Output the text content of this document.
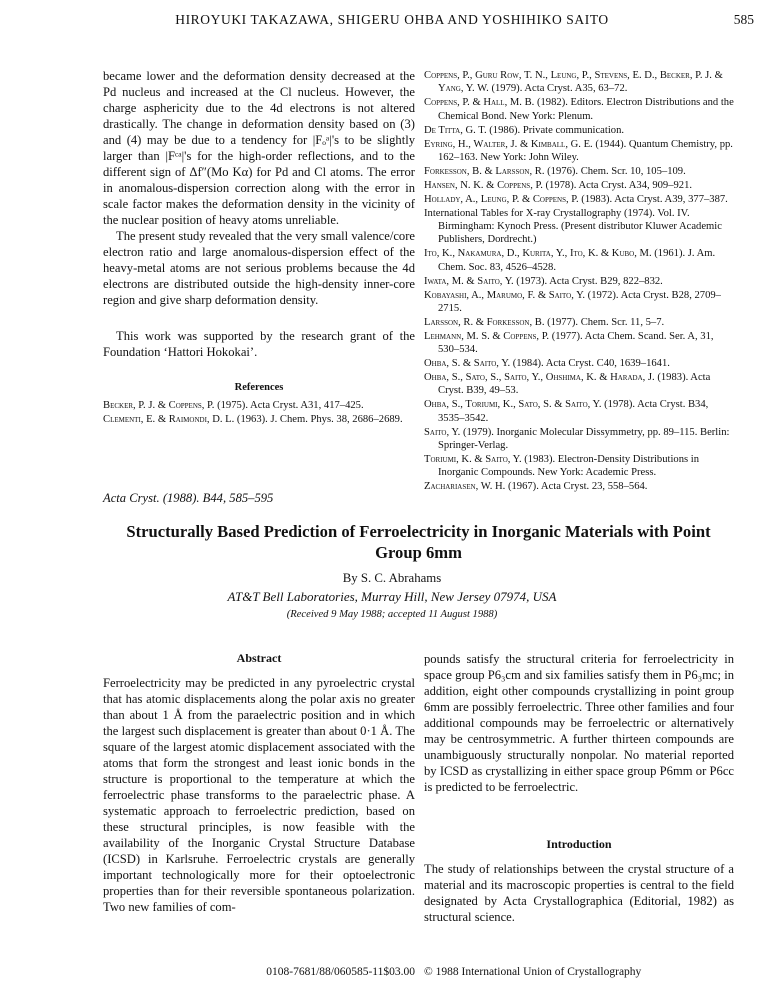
HIROYUKI TAKAZAWA, SHIGERU OHBA AND YOSHIHIKO SAITO	585

became lower and the deformation density decreased at the Pd nucleus and increased at the Cl nucleus. However, the charge asphericity due to the 4d electrons is not altered drastically. The change in deformation density based on (3) and (4) may be due to a tendency for |Fₒᵃ|'s to be slightly larger than |Fᶜᵃ|'s for the high-order reflections, and to the different sign of Δf″(Mo Kα) for Pd and Cl atoms. The error in anomalous-dispersion correction along with the error in scale factor makes the deformation density in the vicinity of the nuclear position of heavy atoms unreliable.

The present study revealed that the very small valence/core electron ratio and large anomalous-dispersion effect of the heavy-metal atoms are not serious problems because the 4d electrons are distributed outside the high-density inner-core region and give sharp deformation density.

This work was supported by the research grant of the Foundation ‘Hattori Hokokai’.

References

Becker, P. J. & Coppens, P. (1975). Acta Cryst. A31, 417–425.

Clementi, E. & Raimondi, D. L. (1963). J. Chem. Phys. 38, 2686–2689.

Coppens, P., Guru Row, T. N., Leung, P., Stevens, E. D., Becker, P. J. & Yang, Y. W. (1979). Acta Cryst. A35, 63–72.

Coppens, P. & Hall, M. B. (1982). Editors. Electron Distributions and the Chemical Bond. New York: Plenum.

De Titta, G. T. (1986). Private communication.

Eyring, H., Walter, J. & Kimball, G. E. (1944). Quantum Chemistry, pp. 162–163. New York: John Wiley.

Forkesson, B. & Larsson, R. (1976). Chem. Scr. 10, 105–109.

Hansen, N. K. & Coppens, P. (1978). Acta Cryst. A34, 909–921.

Hollady, A., Leung, P. & Coppens, P. (1983). Acta Cryst. A39, 377–387.

International Tables for X-ray Crystallography (1974). Vol. IV. Birmingham: Kynoch Press. (Present distributor Kluwer Academic Publishers, Dordrecht.)

Ito, K., Nakamura, D., Kurita, Y., Ito, K. & Kubo, M. (1961). J. Am. Chem. Soc. 83, 4526–4528.

Iwata, M. & Saito, Y. (1973). Acta Cryst. B29, 822–832.

Kobayashi, A., Marumo, F. & Saito, Y. (1972). Acta Cryst. B28, 2709–2715.

Larsson, R. & Forkesson, B. (1977). Chem. Scr. 11, 5–7.

Lehmann, M. S. & Coppens, P. (1977). Acta Chem. Scand. Ser. A, 31, 530–534.

Ohba, S. & Saito, Y. (1984). Acta Cryst. C40, 1639–1641.

Ohba, S., Sato, S., Saito, Y., Ohshima, K. & Harada, J. (1983). Acta Cryst. B39, 49–53.

Ohba, S., Toriumi, K., Sato, S. & Saito, Y. (1978). Acta Cryst. B34, 3535–3542.

Saito, Y. (1979). Inorganic Molecular Dissymmetry, pp. 89–115. Berlin: Springer-Verlag.

Toriumi, K. & Saito, Y. (1983). Electron-Density Distributions in Inorganic Compounds. New York: Academic Press.

Zachariasen, W. H. (1967). Acta Cryst. 23, 558–564.

Acta Cryst. (1988). B44, 585–595
Structurally Based Prediction of Ferroelectricity in Inorganic Materials with Point Group 6mm
By S. C. Abrahams
AT&T Bell Laboratories, Murray Hill, New Jersey 07974, USA
(Received 9 May 1988; accepted 11 August 1988)
Abstract

Ferroelectricity may be predicted in any pyroelectric crystal that has atomic displacements along the polar axis no greater than about 1 Å from the paraelectric position and in which the largest such displacement is greater than about 0·1 Å. The square of the largest atomic displacement associated with the atoms that form the strongest and least ionic bonds in the structure is proportional to the temperature at which the ferroelectric phase transforms to the paraelectric phase. A systematic approach to ferroelectric prediction, based on these structural principles, is now feasible with the availability of the Inorganic Crystal Structure Database (ICSD) in Karlsruhe. Ferroelectric crystals are generally important technologically more for their optoelectronic properties than for their reversible spontaneous polarization. Two new families of com-

pounds satisfy the structural criteria for ferroelectricity in space group P6₃cm and six families satisfy them in P6₃mc; in addition, eight other compounds crystallizing in point group 6mm are possibly ferroelectric. Three other families and four additional compounds may be ferroelectric or alternatively may be centrosymmetric. A further thirteen compounds are unambiguously structurally nonpolar. No material reported by ICSD as crystallizing in either space group P6mm or P6cc is predicted to be ferroelectric.

Introduction

The study of relationships between the crystal structure of a material and its macroscopic properties is central to the field designated by Acta Crystallographica (Editorial, 1982) as structural science.

0108-7681/88/060585-11$03.00 © 1988 International Union of Crystallography
